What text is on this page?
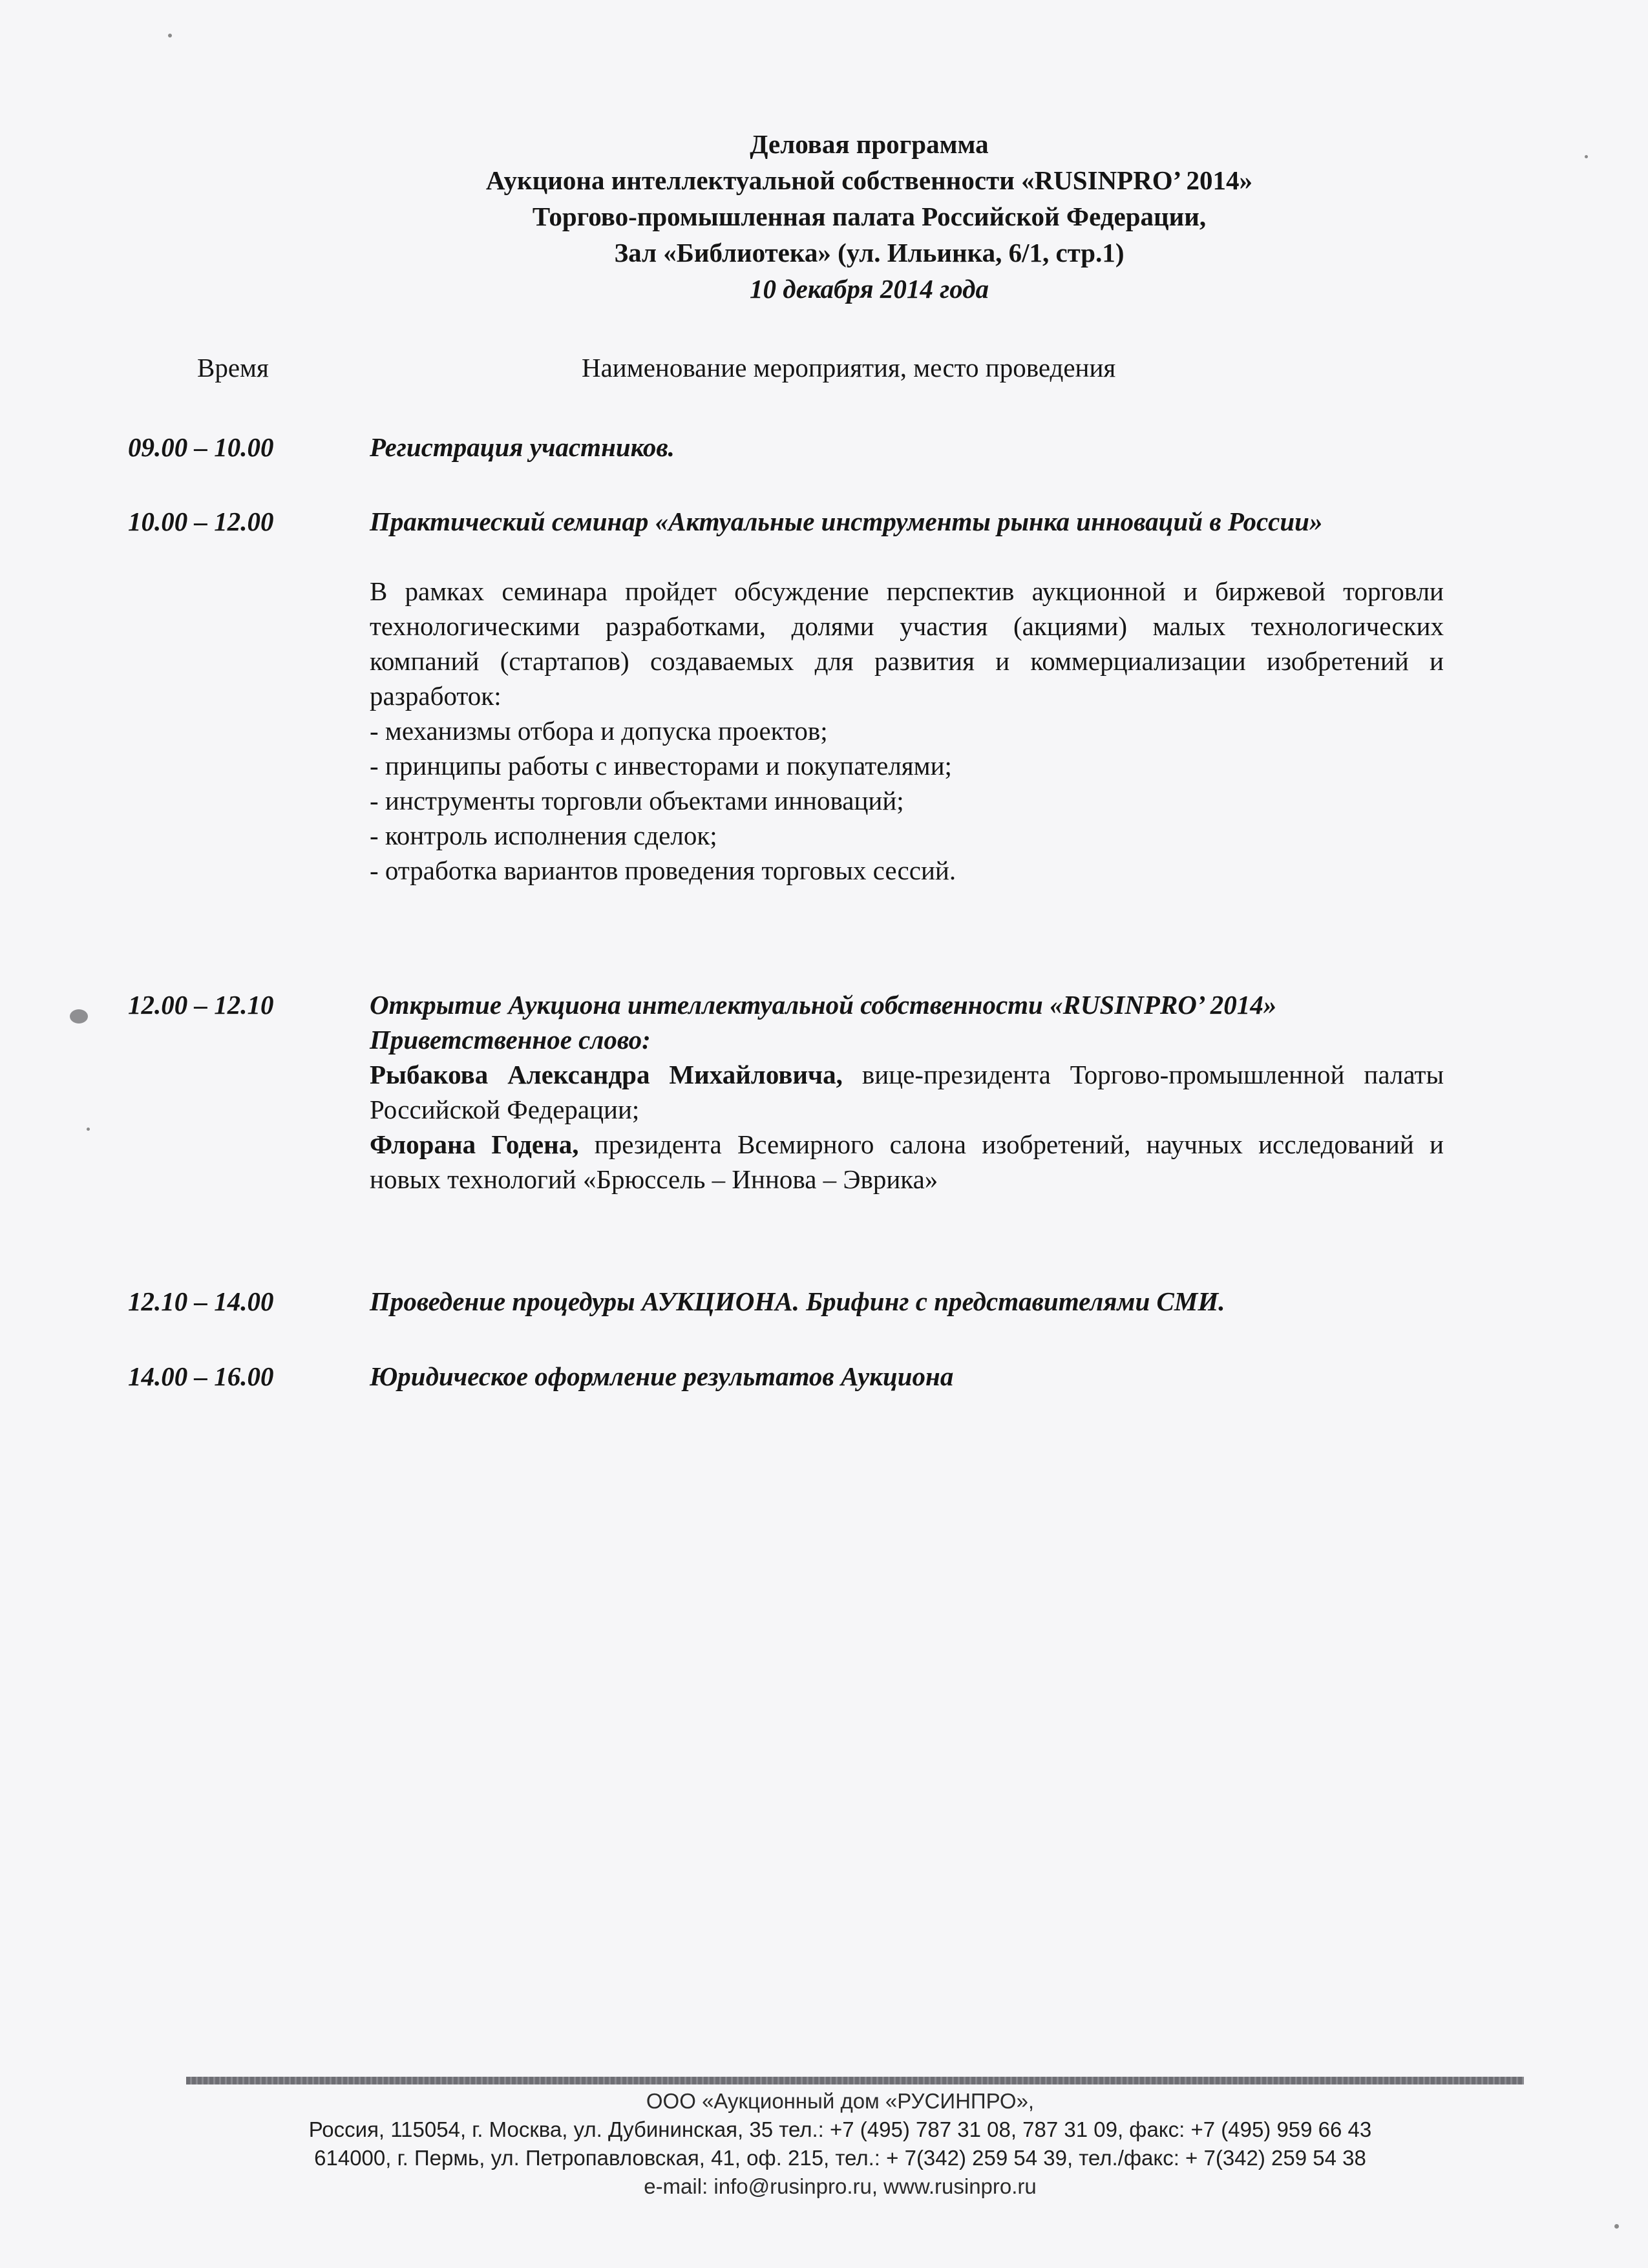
Деловая программа
Аукциона интеллектуальной собственности «RUSINPRO’ 2014»
Торгово-промышленная палата Российской Федерации,
Зал «Библиотека» (ул. Ильинка, 6/1, стр.1)
10 декабря 2014 года
Время	Наименование мероприятия, место проведения
09.00 – 10.00	Регистрация участников.

10.00 – 12.00	Практический семинар «Актуальные инструменты рынка инноваций в России»

В рамках семинара пройдет обсуждение перспектив аукционной и биржевой торговли технологическими разработками, долями участия (акциями) малых технологических компаний (стартапов) создаваемых для развития и коммерциализации изобретений и разработок:

- механизмы отбора и допуска проектов;
- принципы работы с инвесторами и покупателями;
- инструменты торговли объектами инноваций;
- контроль исполнения сделок;
- отработка вариантов проведения торговых сессий.
12.00 – 12.10	Открытие Аукциона интеллектуальной собственности «RUSINPRO’ 2014»

Приветственное слово:

Рыбакова Александра Михайловича, вице-президента Торгово-промышленной палаты Российской Федерации;

Флорана Годена, президента Всемирного салона изобретений, научных исследований и новых технологий «Брюссель – Иннова – Эврика»

12.10 – 14.00	Проведение процедуры АУКЦИОНА. Брифинг с представителями СМИ.

14.00 – 16.00	Юридическое оформление результатов Аукциона

ООО «Аукционный дом «РУСИНПРО»,
Россия, 115054, г. Москва, ул. Дубининская, 35 тел.: +7 (495) 787 31 08, 787 31 09, факс: +7 (495) 959 66 43
614000, г. Пермь, ул. Петропавловская, 41, оф. 215, тел.: + 7(342) 259 54 39, тел./факс: + 7(342) 259 54 38
e-mail: info@rusinpro.ru, www.rusinpro.ru
